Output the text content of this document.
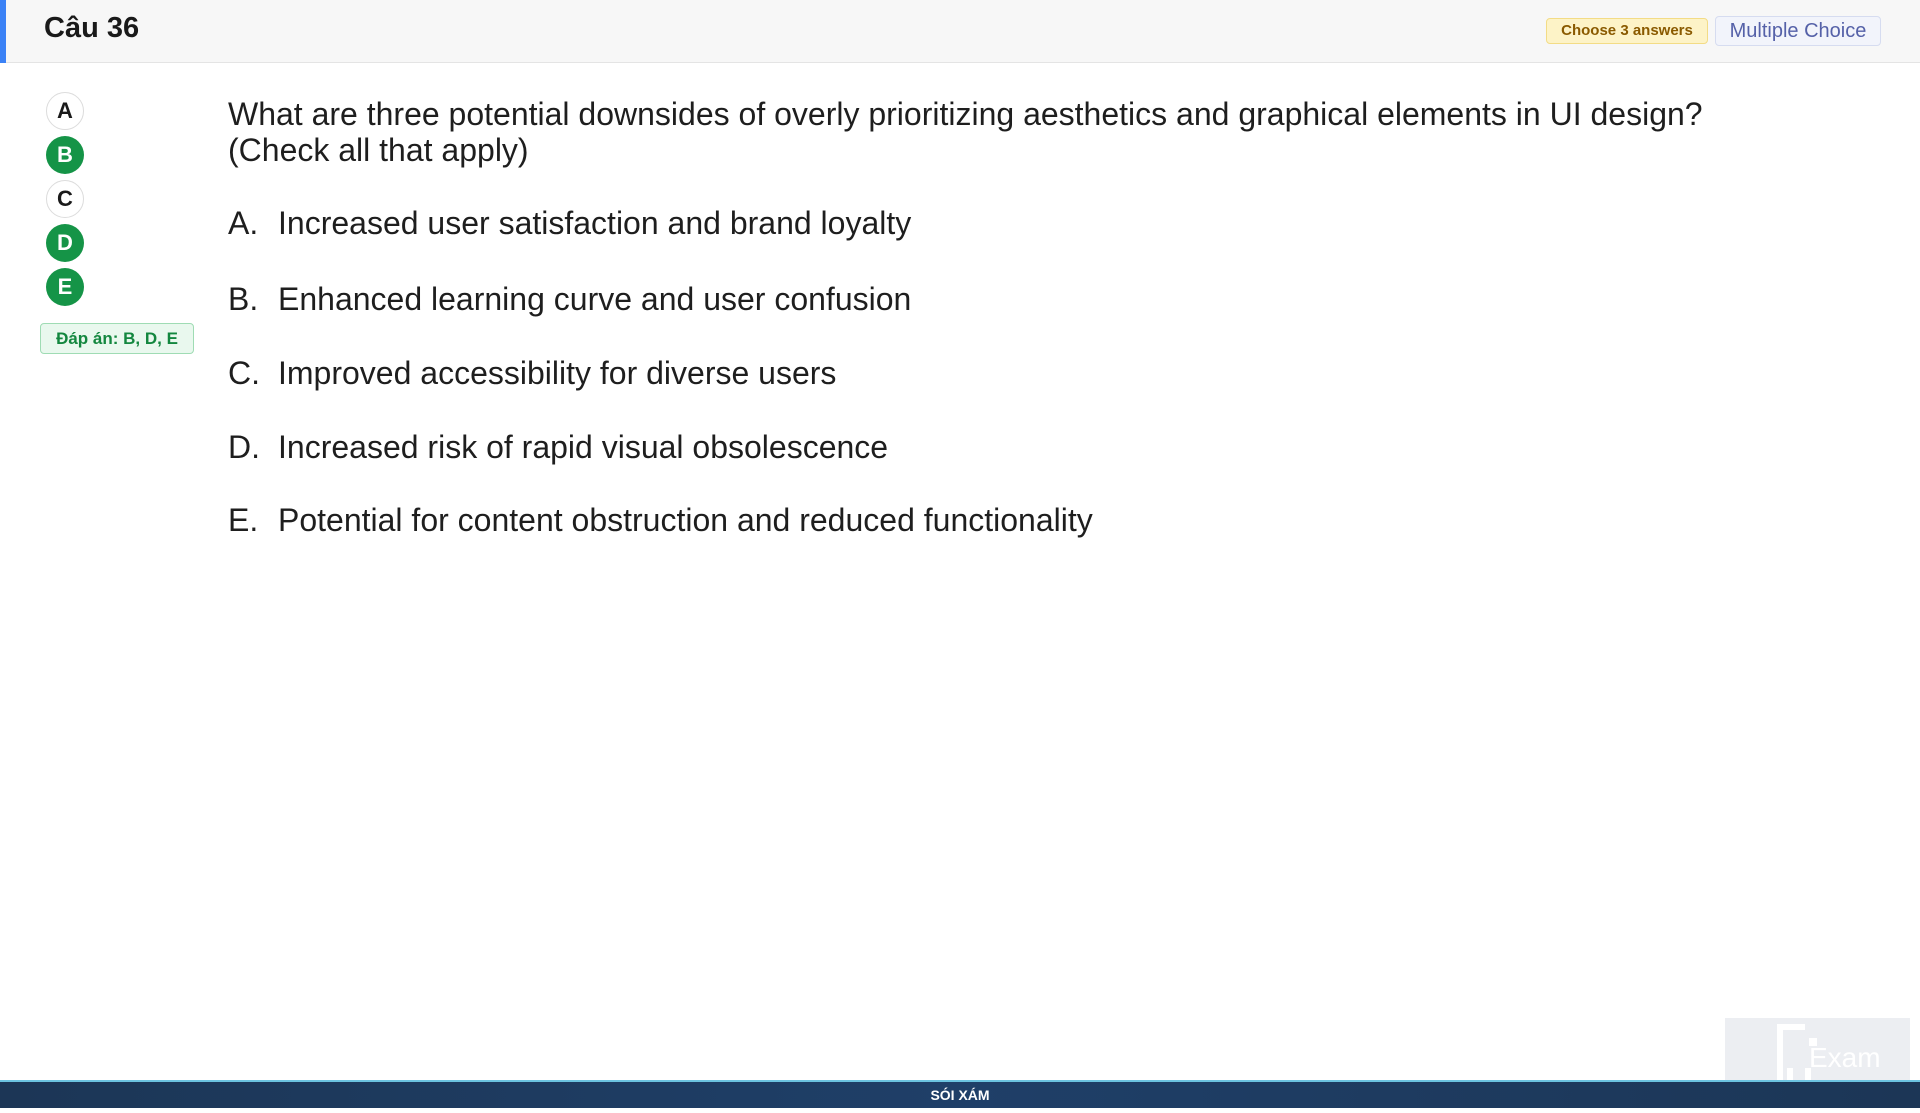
Câu 36	Choose 3 answers	Multiple Choice
A
B
C
D
E
Đáp án: B, D, E
What are three potential downsides of overly prioritizing aesthetics and graphical elements in UI design?
(Check all that apply)
A. Increased user satisfaction and brand loyalty
B. Enhanced learning curve and user confusion
C. Improved accessibility for diverse users
D. Increased risk of rapid visual obsolescence
E. Potential for content obstruction and reduced functionality
Exam
SÓI XÁM
